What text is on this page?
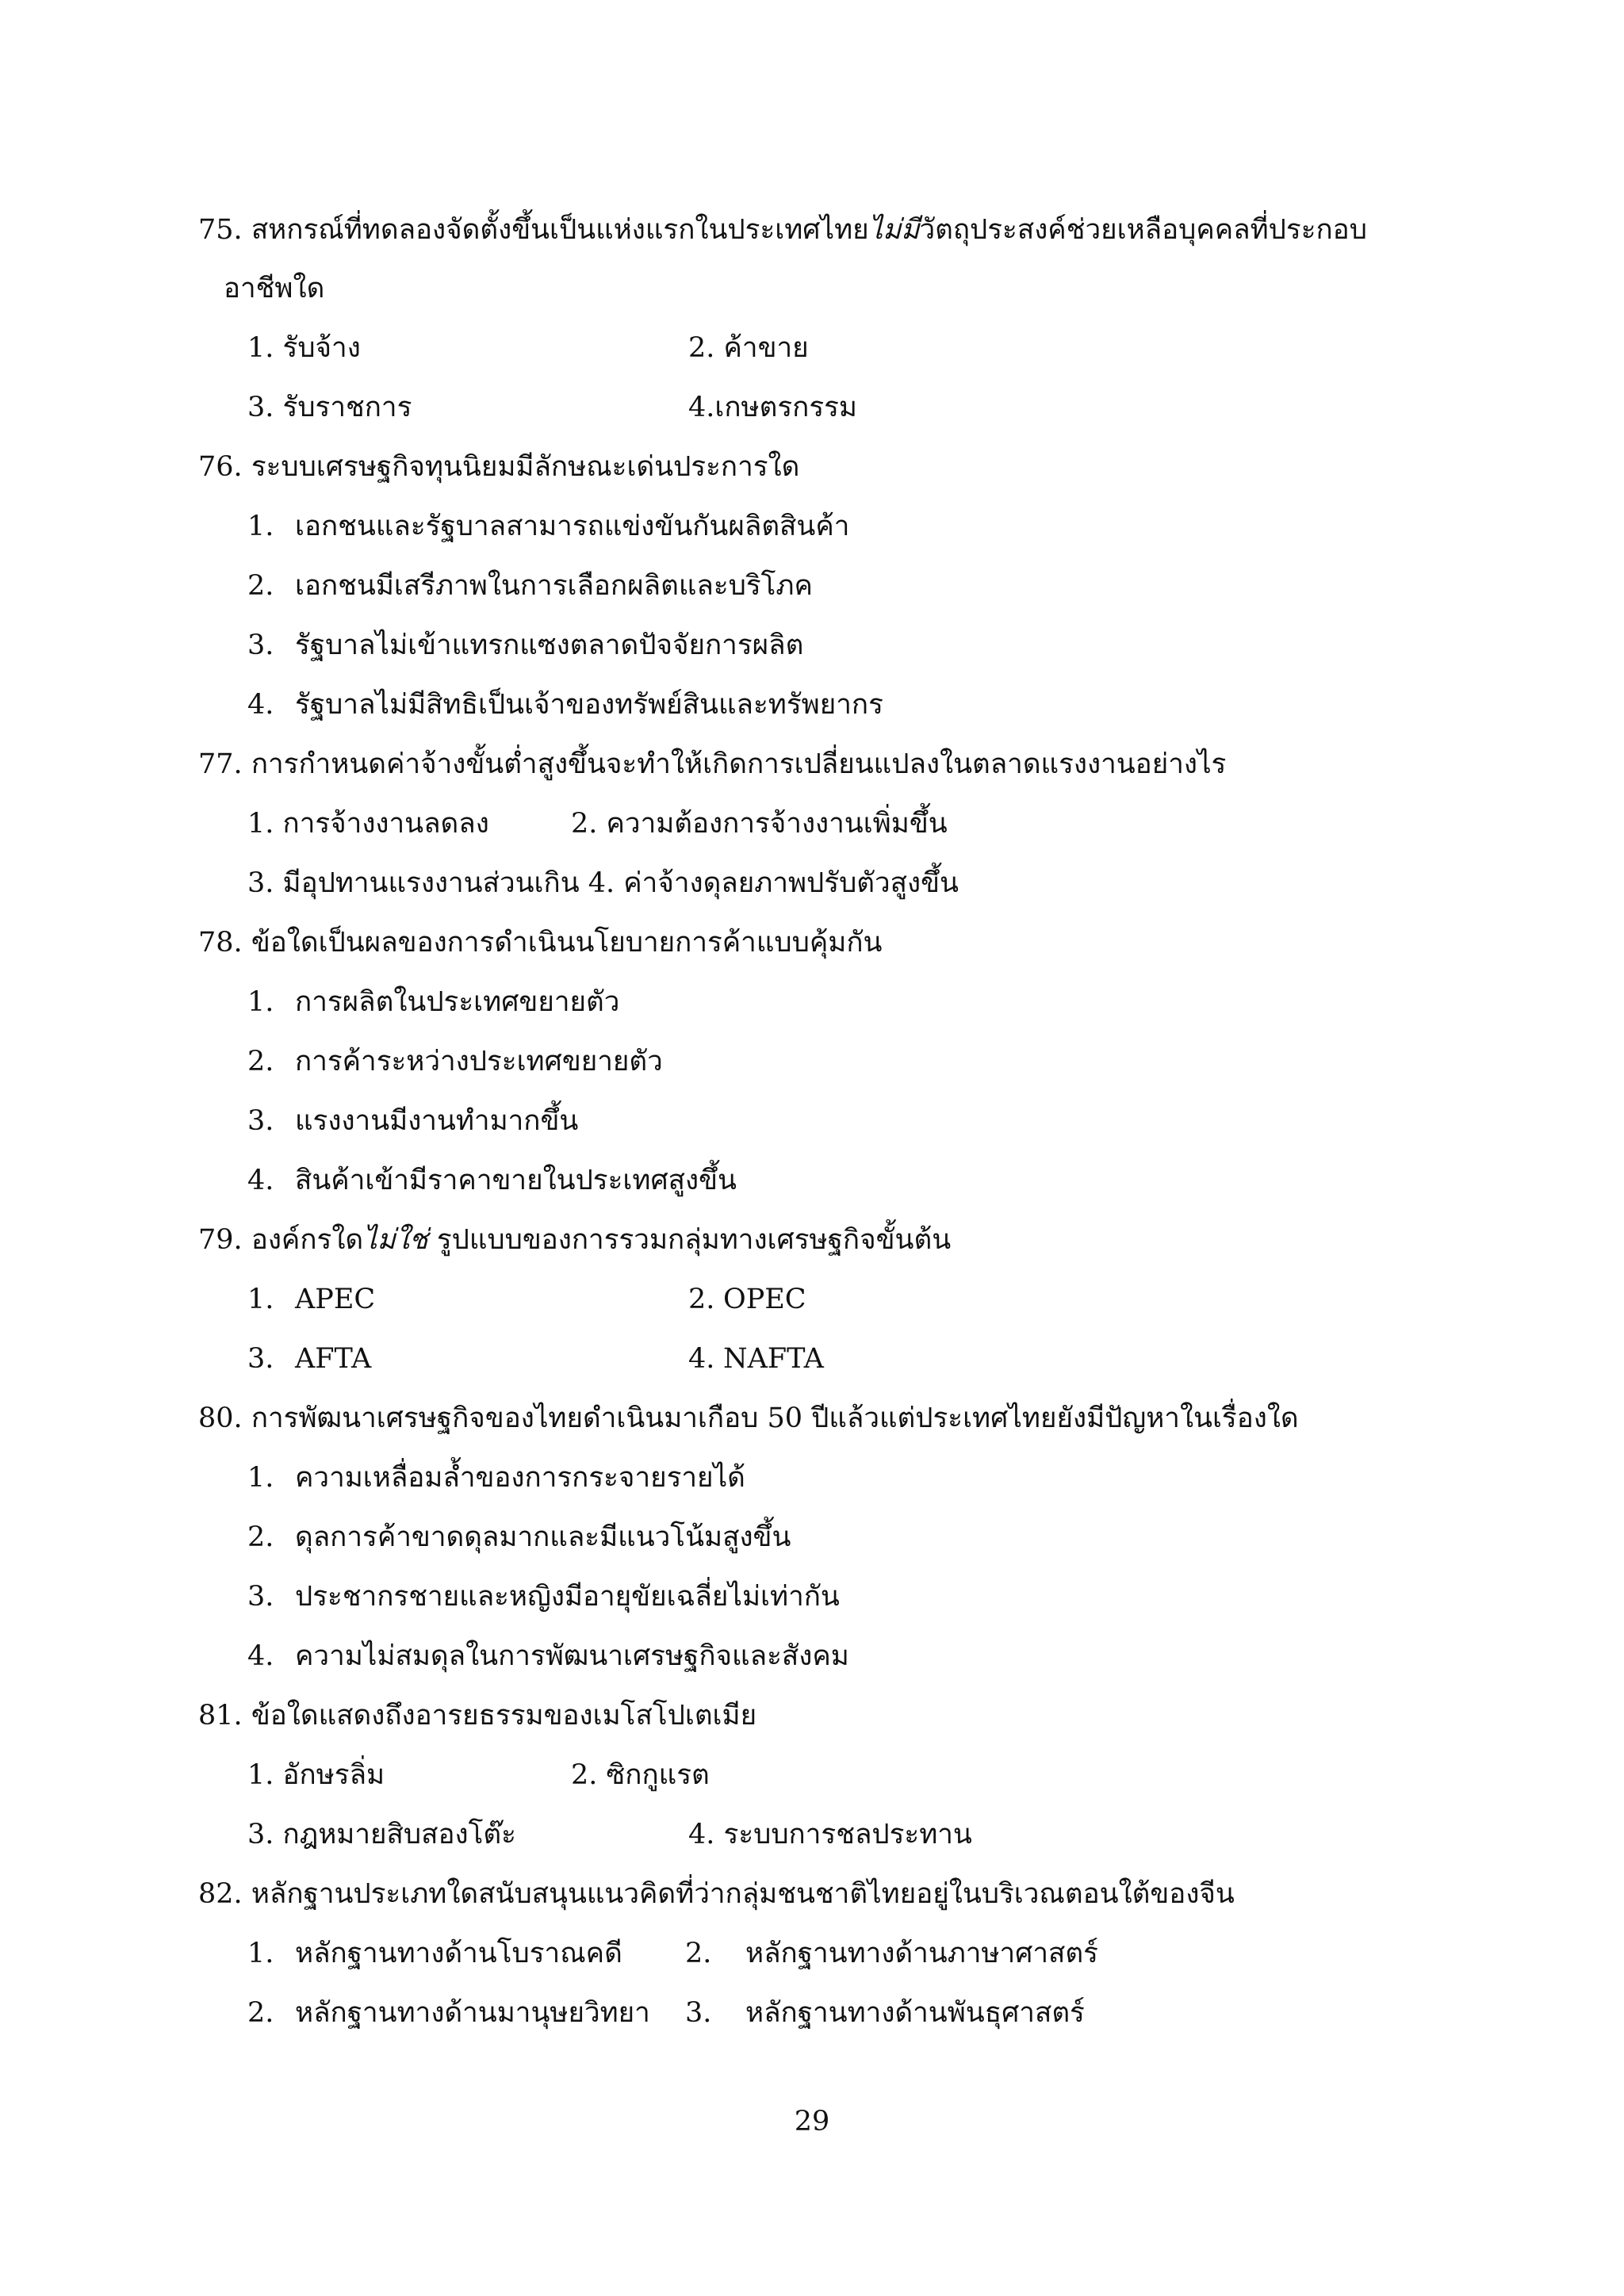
75. สหกรณ์ที่ทดลองจัดตั้งขึ้นเป็นแห่งแรกในประเทศไทยไม่มีวัตถุประสงค์ช่วยเหลือบุคคลที่ประกอบ
อาชีพใด
1. รับจ้าง	2. ค้าขาย
3. รับราชการ	4.เกษตรกรรม
76. ระบบเศรษฐกิจทุนนิยมมีลักษณะเด่นประการใด
1. เอกชนและรัฐบาลสามารถแข่งขันกันผลิตสินค้า
2. เอกชนมีเสรีภาพในการเลือกผลิตและบริโภค
3. รัฐบาลไม่เข้าแทรกแซงตลาดปัจจัยการผลิต
4. รัฐบาลไม่มีสิทธิเป็นเจ้าของทรัพย์สินและทรัพยากร
77. การกำหนดค่าจ้างขั้นต่ำสูงขึ้นจะทำให้เกิดการเปลี่ยนแปลงในตลาดแรงงานอย่างไร
1. การจ้างงานลดลง	2. ความต้องการจ้างงานเพิ่มขึ้น
3. มีอุปทานแรงงานส่วนเกิน 4. ค่าจ้างดุลยภาพปรับตัวสูงขึ้น
78. ข้อใดเป็นผลของการดำเนินนโยบายการค้าแบบคุ้มกัน
1. การผลิตในประเทศขยายตัว
2. การค้าระหว่างประเทศขยายตัว
3. แรงงานมีงานทำมากขึ้น
4. สินค้าเข้ามีราคาขายในประเทศสูงขึ้น
79. องค์กรใดไม่ใช่ รูปแบบของการรวมกลุ่มทางเศรษฐกิจขั้นต้น
1. APEC	2. OPEC
3. AFTA	4. NAFTA
80. การพัฒนาเศรษฐกิจของไทยดำเนินมาเกือบ 50 ปีแล้วแต่ประเทศไทยยังมีปัญหาในเรื่องใด
1. ความเหลื่อมล้ำของการกระจายรายได้
2. ดุลการค้าขาดดุลมากและมีแนวโน้มสูงขึ้น
3. ประชากรชายและหญิงมีอายุขัยเฉลี่ยไม่เท่ากัน
4. ความไม่สมดุลในการพัฒนาเศรษฐกิจและสังคม
81. ข้อใดแสดงถึงอารยธรรมของเมโสโปเตเมีย
1. อักษรลิ่ม	2. ซิกกูแรต
3. กฎหมายสิบสองโต๊ะ	4. ระบบการชลประทาน
82. หลักฐานประเภทใดสนับสนุนแนวคิดที่ว่ากลุ่มชนชาติไทยอยู่ในบริเวณตอนใต้ของจีน
1. หลักฐานทางด้านโบราณคดี 2. หลักฐานทางด้านภาษาศาสตร์
2. หลักฐานทางด้านมานุษยวิทยา 3. หลักฐานทางด้านพันธุศาสตร์
29
